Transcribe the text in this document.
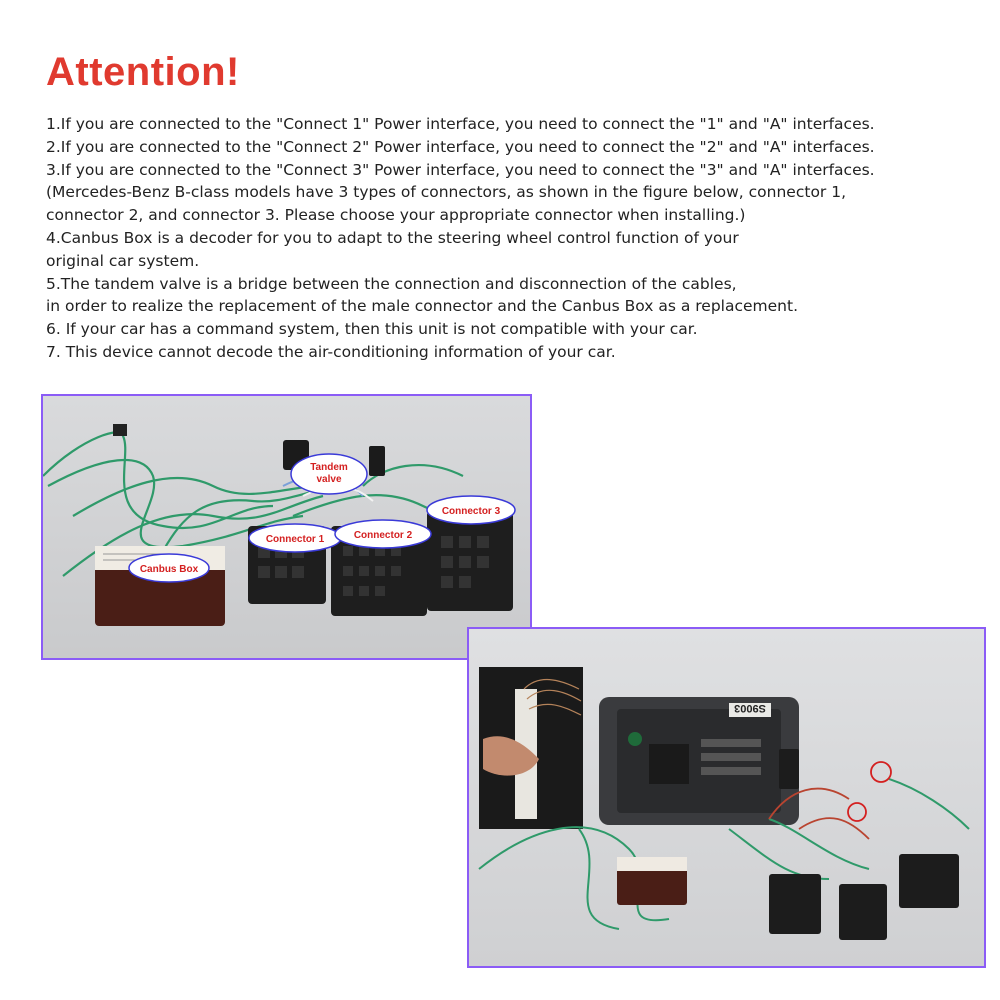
Attention!
1.If you are connected to the "Connect 1" Power interface, you need to connect the "1" and "A" interfaces.
2.If you are connected to the "Connect 2" Power interface, you need to connect the "2" and "A" interfaces.
3.If you are connected to the "Connect 3" Power interface, you need to connect the "3" and "A" interfaces.
(Mercedes-Benz B-class models have 3 types of connectors, as shown in the figure below, connector 1,
connector 2, and connector 3. Please choose your appropriate connector when installing.)
4.Canbus Box is a decoder for you to adapt to the steering wheel control function of your
original car system.
5.The tandem valve is a bridge between the connection and disconnection of the cables,
in order to realize the replacement of the male connector and the Canbus Box as a replacement.
6. If your car has a command system, then this unit is not compatible with your car.
7. This device cannot decode the air-conditioning information of your car.
Tandem
valve
Connector 1	Connector 2
Connector 3
Canbus Box
S9003
